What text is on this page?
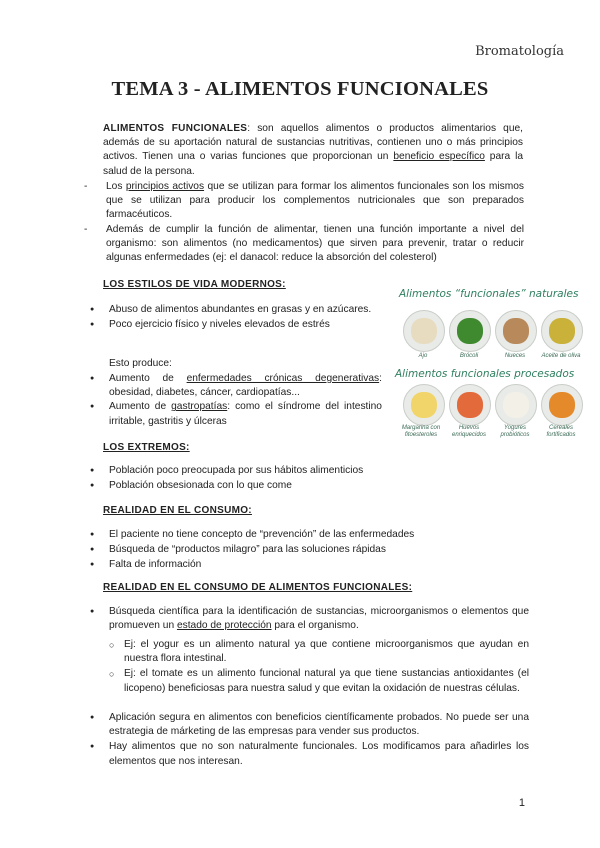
Bromatología
TEMA 3 - ALIMENTOS FUNCIONALES
ALIMENTOS FUNCIONALES: son aquellos alimentos o productos alimentarios que, además de su aportación natural de sustancias nutritivas, contienen uno o más principios activos. Tienen una o varias funciones que proporcionan un beneficio específico para la salud de la persona.
- Los principios activos que se utilizan para formar los alimentos funcionales son los mismos que se utilizan para producir los complementos nutricionales que son preparados farmacéuticos.
- Además de cumplir la función de alimentar, tienen una función importante a nivel del organismo: son alimentos (no medicamentos) que sirven para prevenir, tratar o reducir algunas enfermedades (ej: el danacol: reduce la absorción del colesterol)
LOS ESTILOS DE VIDA MODERNOS:
● Abuso de alimentos abundantes en grasas y en azúcares.
● Poco ejercicio físico y niveles elevados de estrés
Esto produce:
● Aumento de enfermedades crónicas degenerativas: obesidad, diabetes, cáncer, cardiopatías...
● Aumento de gastropatías: como el síndrome del intestino irritable, gastritis y úlceras
Alimentos “funcionales” naturales
Ajo	Brócoli	Nueces	Aceite de oliva
Alimentos funcionales procesados
Margarina con fitoesteroles
Huevos enriquecidos
Yogures probióticos
Cereales fortificados
LOS EXTREMOS:
● Población poco preocupada por sus hábitos alimenticios
● Población obsesionada con lo que come
REALIDAD EN EL CONSUMO:
● El paciente no tiene concepto de “prevención” de las enfermedades
● Búsqueda de “productos milagro” para las soluciones rápidas
● Falta de información
REALIDAD EN EL CONSUMO DE ALIMENTOS FUNCIONALES:
● Búsqueda científica para la identificación de sustancias, microorganismos o elementos que promueven un estado de protección para el organismo.
○ Ej: el yogur es un alimento natural ya que contiene microorganismos que ayudan en nuestra flora intestinal.
○ Ej: el tomate es un alimento funcional natural ya que tiene sustancias antioxidantes (el licopeno) beneficiosas para nuestra salud y que evitan la oxidación de nuestras células.
● Aplicación segura en alimentos con beneficios científicamente probados. No puede ser una estrategia de márketing de las empresas para vender sus productos.
● Hay alimentos que no son naturalmente funcionales. Los modificamos para añadirles los elementos que nos interesan.
1
